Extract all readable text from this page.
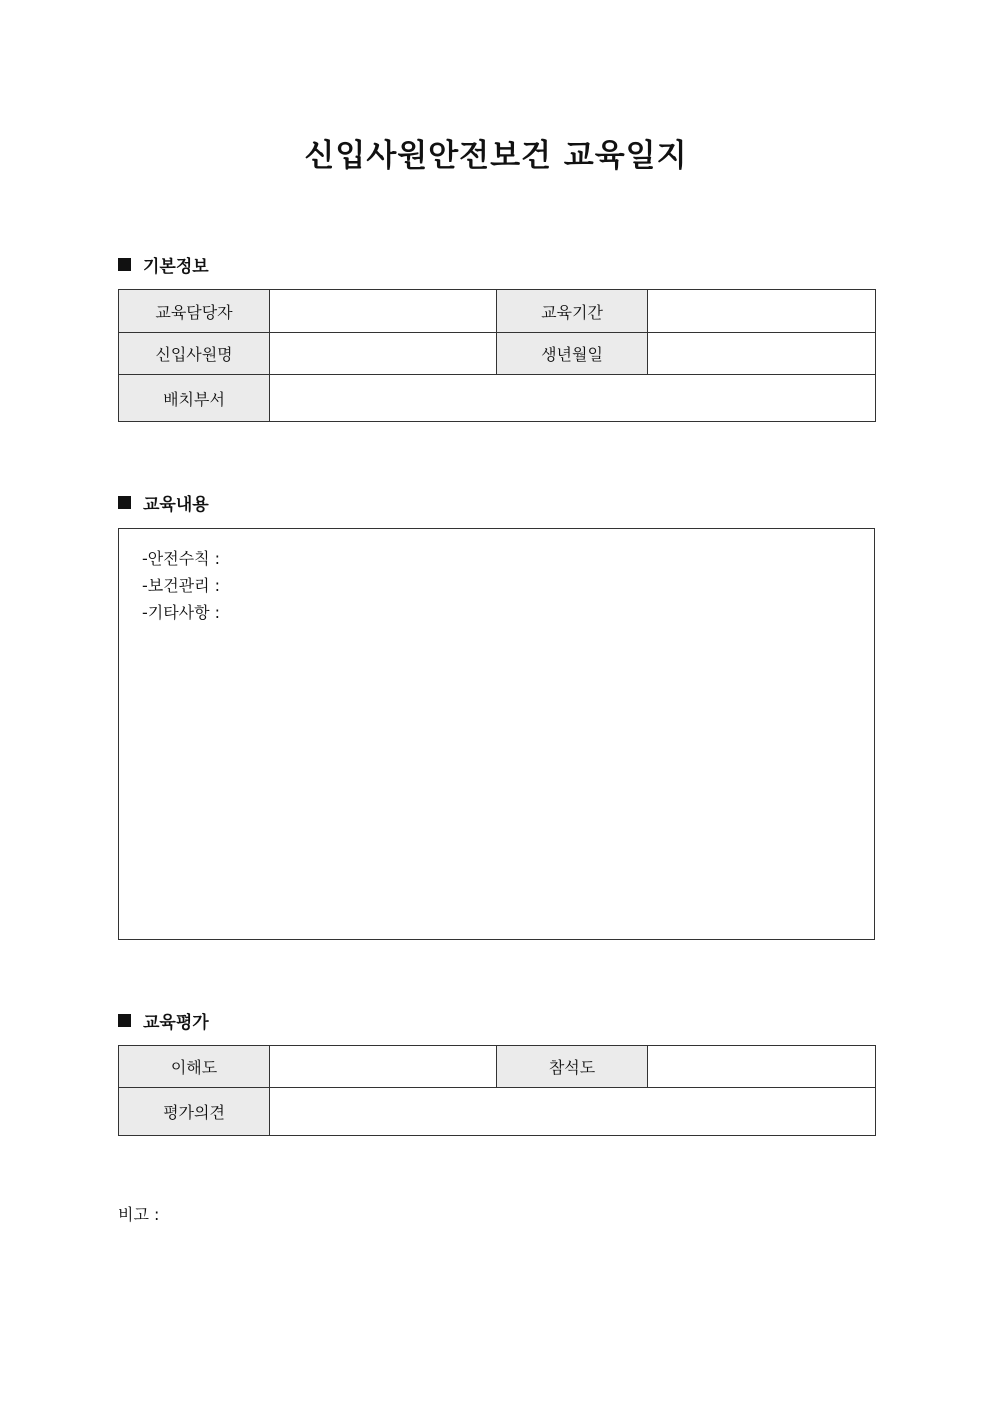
신입사원안전보건 교육일지
기본정보
교육담당자		교육기간	
신입사원명		생년월일	
배치부서			
교육내용
-안전수칙 :
-보건관리 :
-기타사항 :
교육평가
이해도		참석도	
평가의견			
비고 :
